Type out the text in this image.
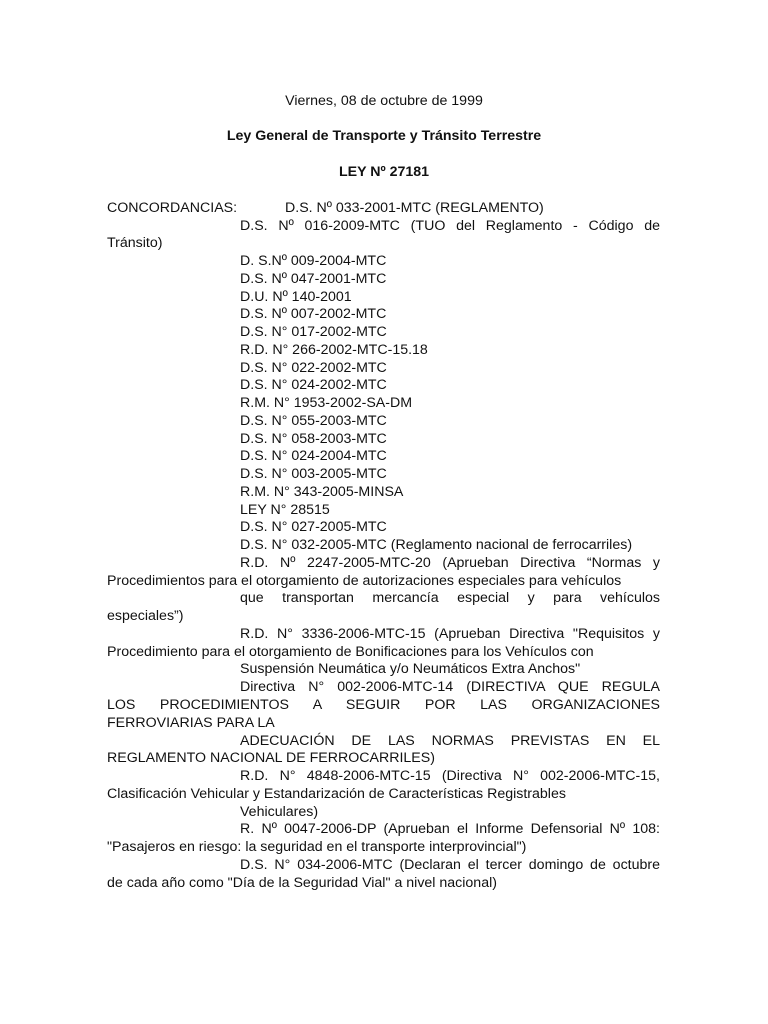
Viernes, 08 de octubre de 1999
Ley General de Transporte y Tránsito Terrestre
LEY Nº 27181
CONCORDANCIAS:	D.S. Nº 033-2001-MTC (REGLAMENTO)
D.S. Nº 016-2009-MTC (TUO del Reglamento - Código de
Tránsito)
D. S.Nº 009-2004-MTC
D.S. Nº 047-2001-MTC
D.U. Nº 140-2001
D.S. Nº 007-2002-MTC
D.S. N° 017-2002-MTC
R.D. N° 266-2002-MTC-15.18
D.S. N° 022-2002-MTC
D.S. N° 024-2002-MTC
R.M. N° 1953-2002-SA-DM
D.S. N° 055-2003-MTC
D.S. N° 058-2003-MTC
D.S. N° 024-2004-MTC
D.S. N° 003-2005-MTC
R.M. N° 343-2005-MINSA
LEY N° 28515
D.S. N° 027-2005-MTC
D.S. N° 032-2005-MTC (Reglamento nacional de ferrocarriles)
R.D. Nº 2247-2005-MTC-20 (Aprueban Directiva “Normas y
Procedimientos para el otorgamiento de autorizaciones especiales para vehículos
que transportan mercancía especial y para vehículos
especiales”)
R.D. N° 3336-2006-MTC-15 (Aprueban Directiva "Requisitos y
Procedimiento para el otorgamiento de Bonificaciones para los Vehículos con
Suspensión Neumática y/o Neumáticos Extra Anchos"
Directiva N° 002-2006-MTC-14 (DIRECTIVA QUE REGULA
LOS PROCEDIMIENTOS A SEGUIR POR LAS ORGANIZACIONES
FERROVIARIAS PARA LA
ADECUACIÓN DE LAS NORMAS PREVISTAS EN EL
REGLAMENTO NACIONAL DE FERROCARRILES)
R.D. N° 4848-2006-MTC-15 (Directiva N° 002-2006-MTC-15,
Clasificación Vehicular y Estandarización de Características Registrables
Vehiculares)
R. Nº 0047-2006-DP (Aprueban el Informe Defensorial Nº 108:
"Pasajeros en riesgo: la seguridad en el transporte interprovincial")
D.S. N° 034-2006-MTC (Declaran el tercer domingo de octubre
de cada año como "Día de la Seguridad Vial" a nivel nacional)
